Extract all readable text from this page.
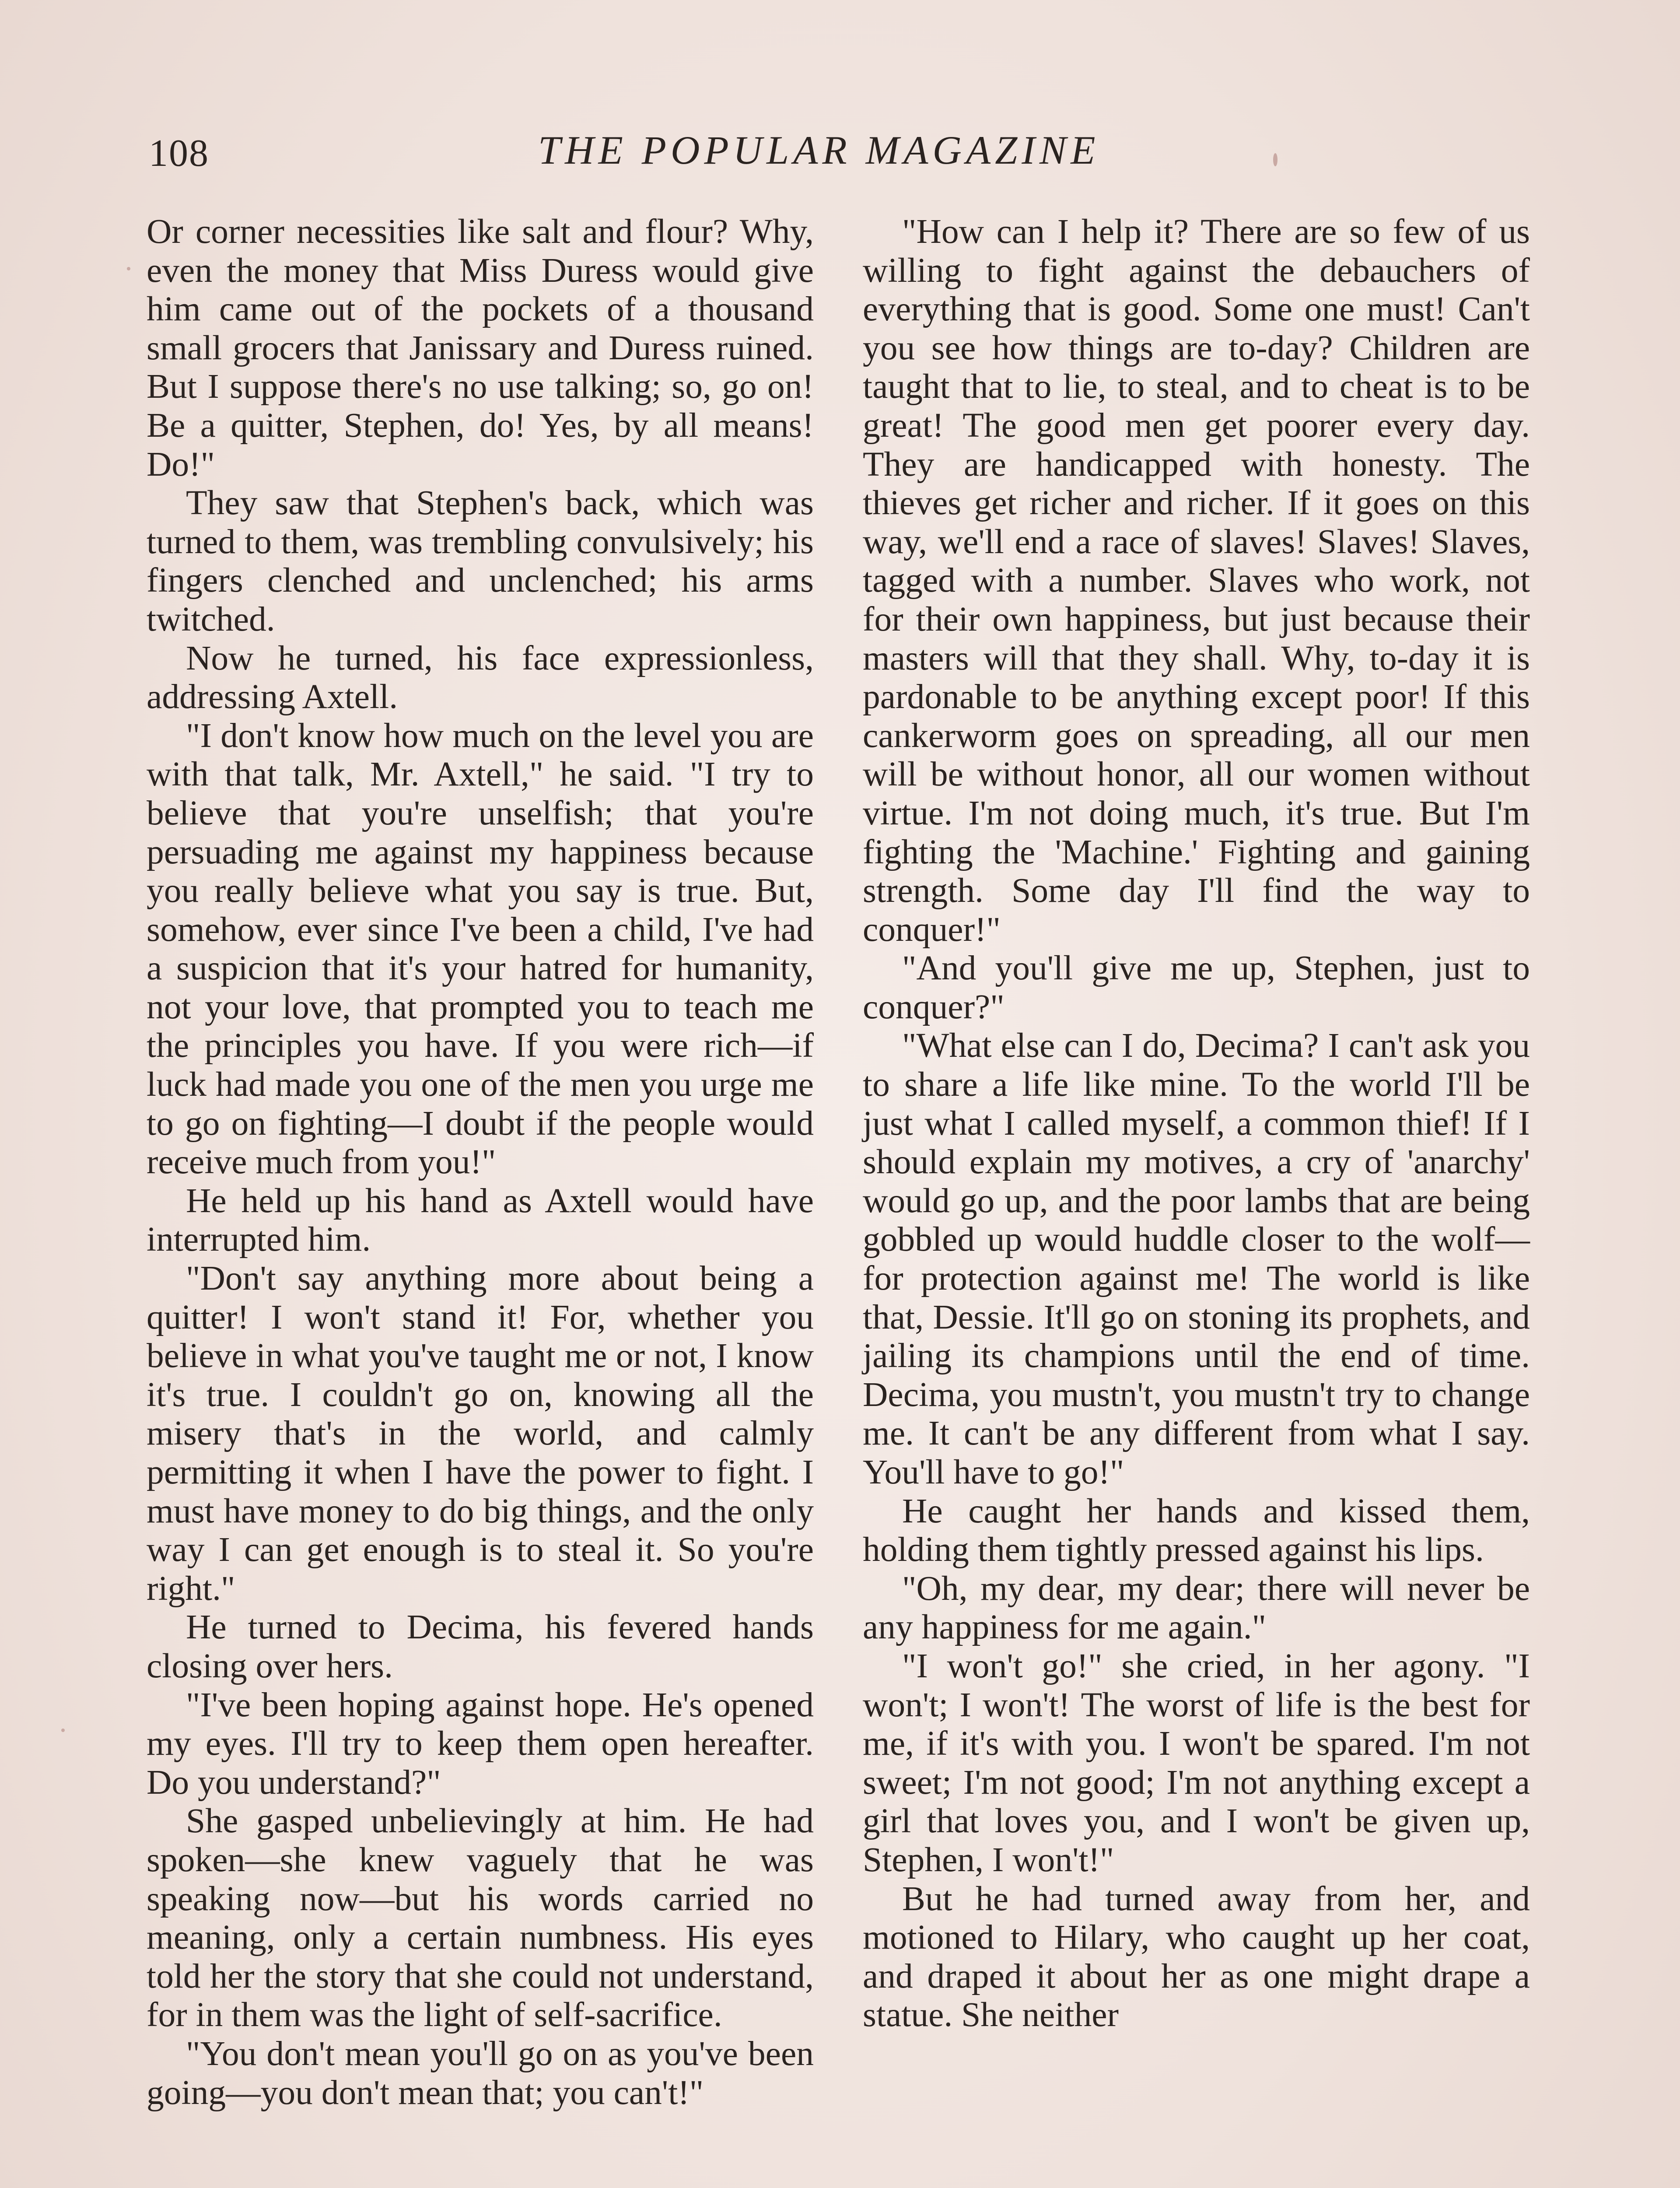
108	THE POPULAR MAGAZINE

Or corner necessities like salt and flour? Why, even the money that Miss Duress would give him came out of the pockets of a thousand small grocers that Janissary and Duress ruined. But I suppose there's no use talking; so, go on! Be a quitter, Stephen, do! Yes, by all means! Do!"

They saw that Stephen's back, which was turned to them, was trembling convulsively; his fingers clenched and unclenched; his arms twitched.

Now he turned, his face expressionless, addressing Axtell.

"I don't know how much on the level you are with that talk, Mr. Axtell," he said. "I try to believe that you're unselfish; that you're persuading me against my happiness because you really believe what you say is true. But, somehow, ever since I've been a child, I've had a suspicion that it's your hatred for humanity, not your love, that prompted you to teach me the principles you have. If you were rich—if luck had made you one of the men you urge me to go on fighting—I doubt if the people would receive much from you!"

He held up his hand as Axtell would have interrupted him.

"Don't say anything more about being a quitter! I won't stand it! For, whether you believe in what you've taught me or not, I know it's true. I couldn't go on, knowing all the misery that's in the world, and calmly permitting it when I have the power to fight. I must have money to do big things, and the only way I can get enough is to steal it. So you're right."

He turned to Decima, his fevered hands closing over hers.

"I've been hoping against hope. He's opened my eyes. I'll try to keep them open hereafter. Do you understand?"

She gasped unbelievingly at him. He had spoken—she knew vaguely that he was speaking now—but his words carried no meaning, only a certain numbness. His eyes told her the story that she could not understand, for in them was the light of self-sacrifice.

"You don't mean you'll go on as you've been going—you don't mean that; you can't!"

"How can I help it? There are so few of us willing to fight against the debauchers of everything that is good. Some one must! Can't you see how things are to-day? Children are taught that to lie, to steal, and to cheat is to be great! The good men get poorer every day. They are handicapped with honesty. The thieves get richer and richer. If it goes on this way, we'll end a race of slaves! Slaves! Slaves, tagged with a number. Slaves who work, not for their own happiness, but just because their masters will that they shall. Why, to-day it is pardonable to be anything except poor! If this cankerworm goes on spreading, all our men will be without honor, all our women without virtue. I'm not doing much, it's true. But I'm fighting the 'Machine.' Fighting and gaining strength. Some day I'll find the way to conquer!"

"And you'll give me up, Stephen, just to conquer?"

"What else can I do, Decima? I can't ask you to share a life like mine. To the world I'll be just what I called myself, a common thief! If I should explain my motives, a cry of 'anarchy' would go up, and the poor lambs that are being gobbled up would huddle closer to the wolf—for protection against me! The world is like that, Dessie. It'll go on stoning its prophets, and jailing its champions until the end of time. Decima, you mustn't, you mustn't try to change me. It can't be any different from what I say. You'll have to go!"

He caught her hands and kissed them, holding them tightly pressed against his lips.

"Oh, my dear, my dear; there will never be any happiness for me again."

"I won't go!" she cried, in her agony. "I won't; I won't! The worst of life is the best for me, if it's with you. I won't be spared. I'm not sweet; I'm not good; I'm not anything except a girl that loves you, and I won't be given up, Stephen, I won't!"

But he had turned away from her, and motioned to Hilary, who caught up her coat, and draped it about her as one might drape a statue. She neither
